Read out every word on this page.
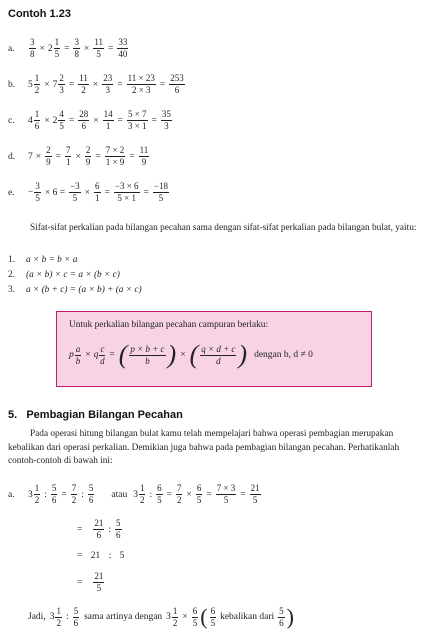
Contoh 1.23
a.	$\frac{3}{8} \times 2 \frac{1}{5} = \frac{3}{8} \times \frac{11}{5} = \frac{33}{40}$
b.	$5 \frac{1}{2} \times 7 \frac{2}{3} = \frac{11}{2} \times \frac{23}{3} = \frac{11 \times 23}{2 \times 3} = \frac{253}{6}$
c.	$4 \frac{1}{6} \times 2 \frac{4}{5} = \frac{28}{6} \times \frac{14}{1} = \frac{5 \times 7}{3 \times 1} = \frac{35}{3}$
d.	$7 \times \frac{2}{9} = \frac{7}{1} \times \frac{2}{9} = \frac{7 \times 2}{1 \times 9} = \frac{11}{9}$
e.	− $\frac{3}{5} \times 6 = \frac{-3}{5} \times \frac{6}{1} = \frac{-3 \times 6}{5 \times 1} = \frac{-18}{5}$
Sifat-sifat perkalian pada bilangan pecahan sama dengan sifat-sifat perkalian pada bilangan bulat, yaitu:
1. a × b = b × a
2. (a × b) × c = a × (b × c)
3. a × (b + c) = (a × b) + (a × c)
Untuk perkalian bilangan pecahan campuran berlaku:
p $\frac{a}{b} \times q \frac{c}{d}$ = ( $\frac{p \times b + c}{b}$ ) × ( $\frac{q \times d + c}{d}$ ) dengan b, d ≠ 0
5.   Pembagian Bilangan Pecahan
Pada operasi hitung bilangan bulat kamu telah mempelajari bahwa operasi pembagian merupakan kebalikan dari operasi perkalian. Demikian juga bahwa pada pembagian bilangan pecahan. Perhatikanlah contoh-contoh di bawah ini:
a.	$3 \frac{1}{2}$ : $\frac{5}{6} = \frac{7}{2}$ : $\frac{5}{6}$ atau $3 \frac{1}{2}$ : $\frac{6}{5} = \frac{7}{2} \times \frac{6}{5} = \frac{7 \times 3}{5} = \frac{21}{5}$
= $\frac{21}{6}$ : $\frac{5}{6}$
= 21 : 5
= $\frac{21}{5}$
Jadi, $3 \frac{1}{2}$ : $\frac{5}{6}$ sama artinya dengan $3 \frac{1}{2} \times \frac{6}{5}$ ( $\frac{6}{5}$ kebalikan dari $\frac{5}{6}$ )
